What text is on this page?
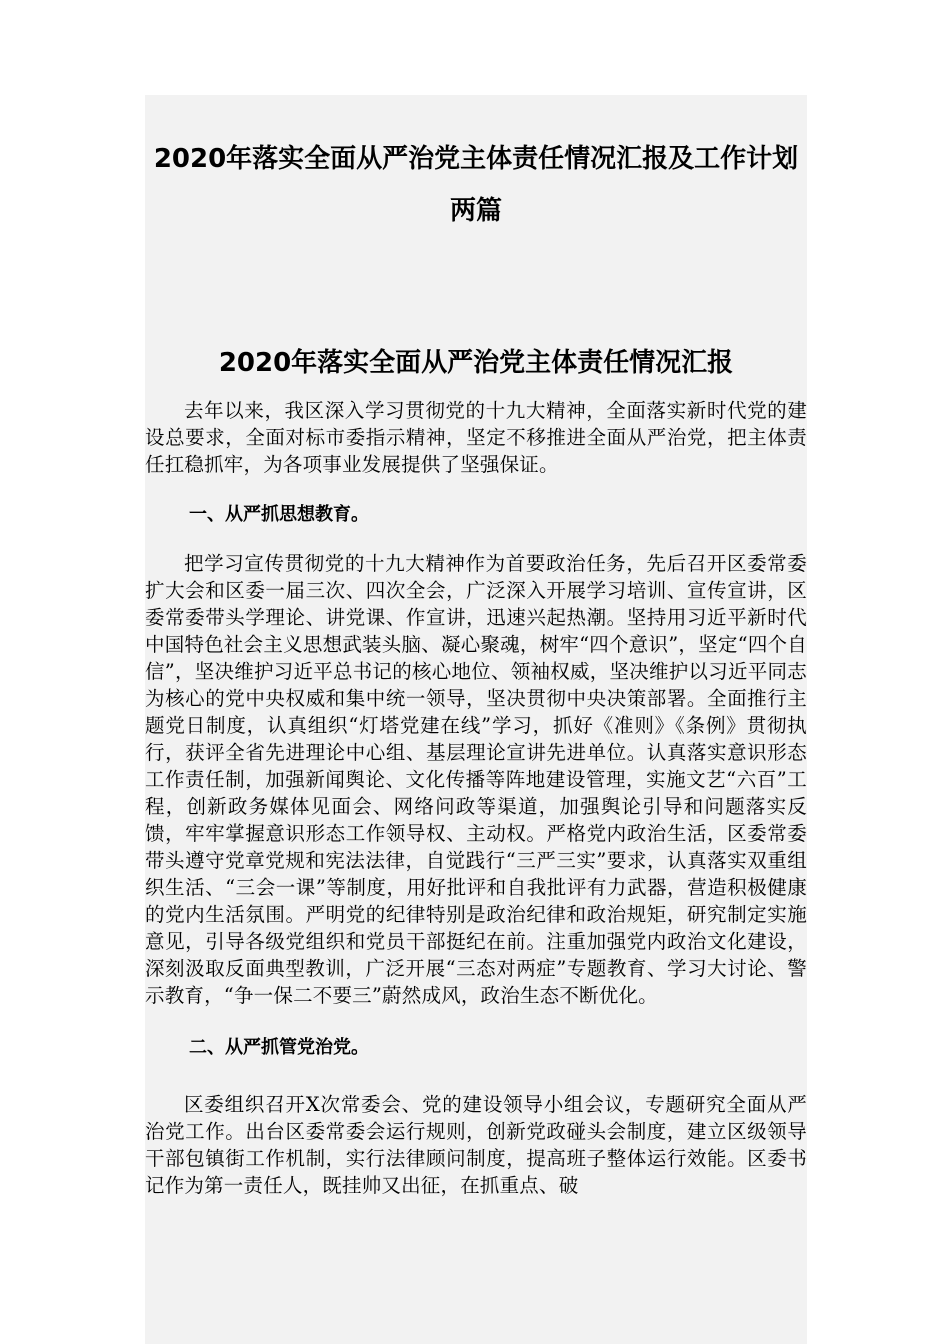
2020年落实全面从严治党主体责任情况汇报及工作计划两篇
2020年落实全面从严治党主体责任情况汇报

去年以来，我区深入学习贯彻党的十九大精神，全面落实新时代党的建设总要求，全面对标市委指示精神，坚定不移推进全面从严治党，把主体责任扛稳抓牢，为各项事业发展提供了坚强保证。

一、从严抓思想教育。

把学习宣传贯彻党的十九大精神作为首要政治任务，先后召开区委常委扩大会和区委一届三次、四次全会，广泛深入开展学习培训、宣传宣讲，区委常委带头学理论、讲党课、作宣讲，迅速兴起热潮。坚持用习近平新时代中国特色社会主义思想武装头脑、凝心聚魂，树牢“四个意识”，坚定“四个自信”，坚决维护习近平总书记的核心地位、领袖权威，坚决维护以习近平同志为核心的党中央权威和集中统一领导，坚决贯彻中央决策部署。全面推行主题党日制度，认真组织“灯塔党建在线”学习，抓好《准则》《条例》贯彻执行，获评全省先进理论中心组、基层理论宣讲先进单位。认真落实意识形态工作责任制，加强新闻舆论、文化传播等阵地建设管理，实施文艺“六百”工程，创新政务媒体见面会、网络问政等渠道，加强舆论引导和问题落实反馈，牢牢掌握意识形态工作领导权、主动权。严格党内政治生活，区委常委带头遵守党章党规和宪法法律，自觉践行“三严三实”要求，认真落实双重组织生活、“三会一课”等制度，用好批评和自我批评有力武器，营造积极健康的党内生活氛围。严明党的纪律特别是政治纪律和政治规矩，研究制定实施意见，引导各级党组织和党员干部挺纪在前。注重加强党内政治文化建设，深刻汲取反面典型教训，广泛开展“三态对两症”专题教育、学习大讨论、警示教育，“争一保二不要三”蔚然成风，政治生态不断优化。

二、从严抓管党治党。

区委组织召开X次常委会、党的建设领导小组会议，专题研究全面从严治党工作。出台区委常委会运行规则，创新党政碰头会制度，建立区级领导干部包镇街工作机制，实行法律顾问制度，提高班子整体运行效能。区委书记作为第一责任人，既挂帅又出征，在抓重点、破
